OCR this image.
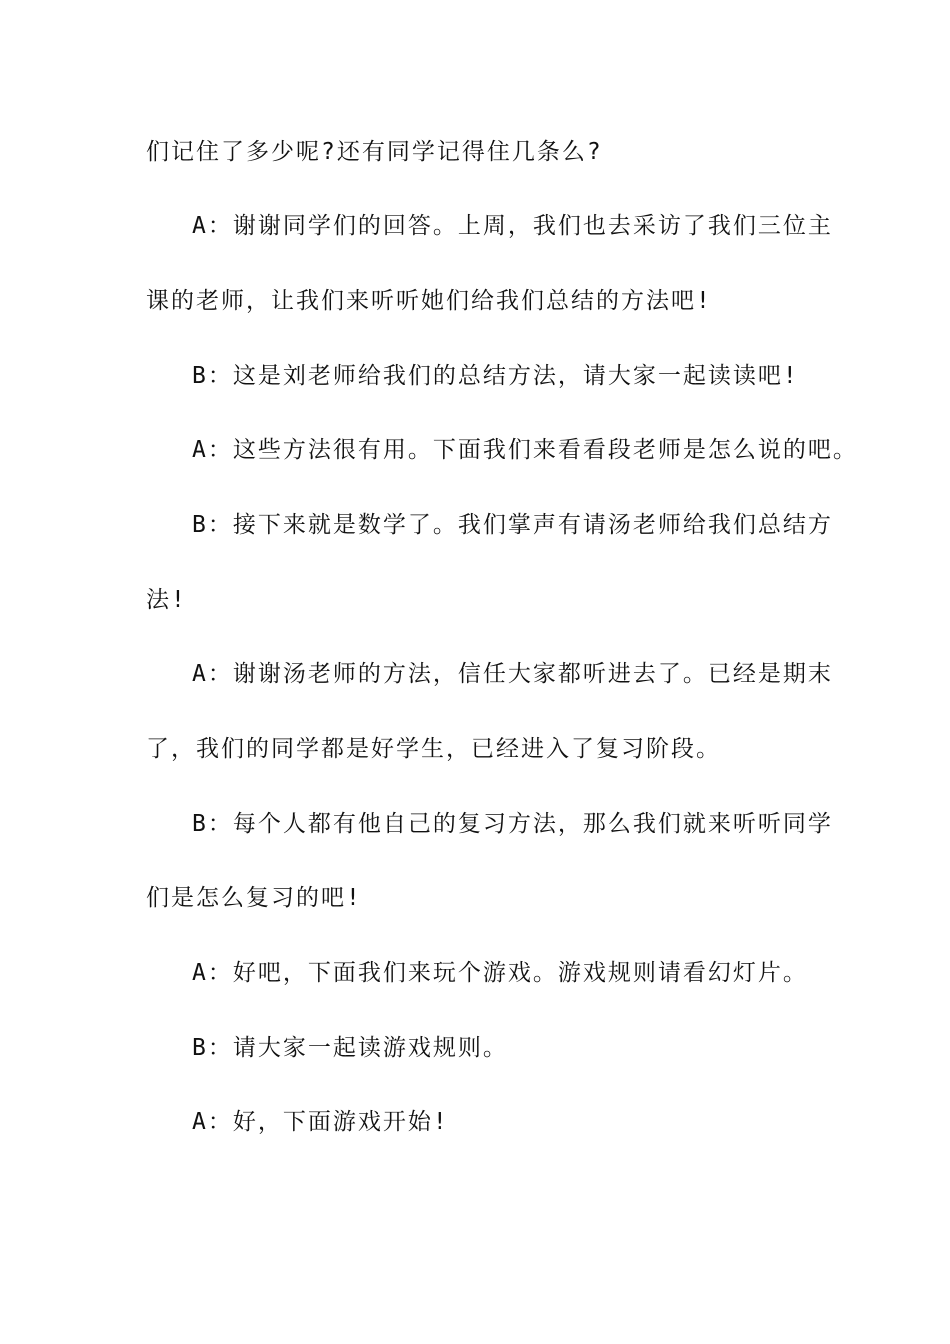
们记住了多少呢?还有同学记得住几条么?
A：谢谢同学们的回答。上周，我们也去采访了我们三位主
课的老师，让我们来听听她们给我们总结的方法吧!
B：这是刘老师给我们的总结方法，请大家一起读读吧!
A：这些方法很有用。下面我们来看看段老师是怎么说的吧。
B：接下来就是数学了。我们掌声有请汤老师给我们总结方
法!
A：谢谢汤老师的方法，信任大家都听进去了。已经是期末
了，我们的同学都是好学生，已经进入了复习阶段。
B：每个人都有他自己的复习方法，那么我们就来听听同学
们是怎么复习的吧!
A：好吧，下面我们来玩个游戏。游戏规则请看幻灯片。
B：请大家一起读游戏规则。
A：好，下面游戏开始!
